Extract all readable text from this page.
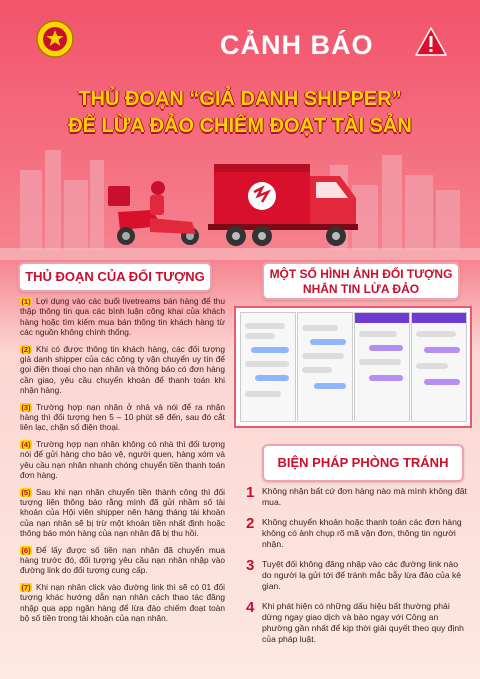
CẢNH BÁO
THỦ ĐOẠN “GIẢ DANH SHIPPER”
ĐỂ LỪA ĐẢO CHIẾM ĐOẠT TÀI SẢN
THỦ ĐOẠN CỦA ĐỐI TƯỢNG
(1) Lợi dụng vào các buổi livetreams bán hàng để thu thập thông tin qua các bình luận công khai của khách hàng hoặc tìm kiếm mua bán thông tin khách hàng từ các nguồn không chính thống.
(2) Khi có được thông tin khách hàng, các đối tượng giả danh shipper của các công ty vận chuyển uy tín để gọi điện thoại cho nạn nhân và thông báo có đơn hàng cần giao, yêu cầu chuyển khoản để thanh toán khi nhận hàng.
(3) Trường hợp nạn nhân ở nhà và nói để ra nhận hàng thì đối tượng hẹn 5 – 10 phút sẽ đến, sau đó cắt liên lạc, chặn số điện thoại.
(4) Trường hợp nạn nhân không có nhà thì đối tượng nói để gửi hàng cho bảo vệ, người quen, hàng xóm và yêu cầu nạn nhân nhanh chóng chuyển tiền thanh toán đơn hàng.
(5) Sau khi nạn nhân chuyển tiền thành công thì đối tượng liên thông báo rằng mình đã gửi nhầm số tài khoản của Hội viên shipper nên hàng tháng tài khoản của nạn nhân sẽ bị trừ một khoản tiền nhất định hoặc thông báo món hàng của nạn nhân đã bị thu hồi.
(6) Để lấy được số tiền nạn nhân đã chuyển mua hàng trước đó, đối tượng yêu cầu nạn nhân nhập vào đường link do đối tượng cung cấp.
(7) Khi nạn nhân click vào đường link thì sẽ có 01 đối tượng khác hướng dẫn nạn nhân cách thao tác đăng nhập qua app ngân hàng để lừa đảo chiếm đoạt toàn bộ số tiền trong tài khoản của nạn nhân.
MỘT SỐ HÌNH ẢNH ĐỐI TƯỢNG NHẮN TIN LỪA ĐẢO
BIỆN PHÁP PHÒNG TRÁNH
1 Không nhận bất cứ đơn hàng nào mà mình không đặt mua.
2 Không chuyển khoản hoặc thanh toán các đơn hàng không có ảnh chụp rõ mã vận đơn, thông tin người nhận.
3 Tuyệt đối không đăng nhập vào các đường link nào do người lạ gửi tới để tránh mắc bẫy lừa đảo của kẻ gian.
4 Khi phát hiện có những dấu hiệu bất thường phải dừng ngay giao dịch và báo ngay với Công an phường gần nhất để kịp thời giải quyết theo quy định của pháp luật.
